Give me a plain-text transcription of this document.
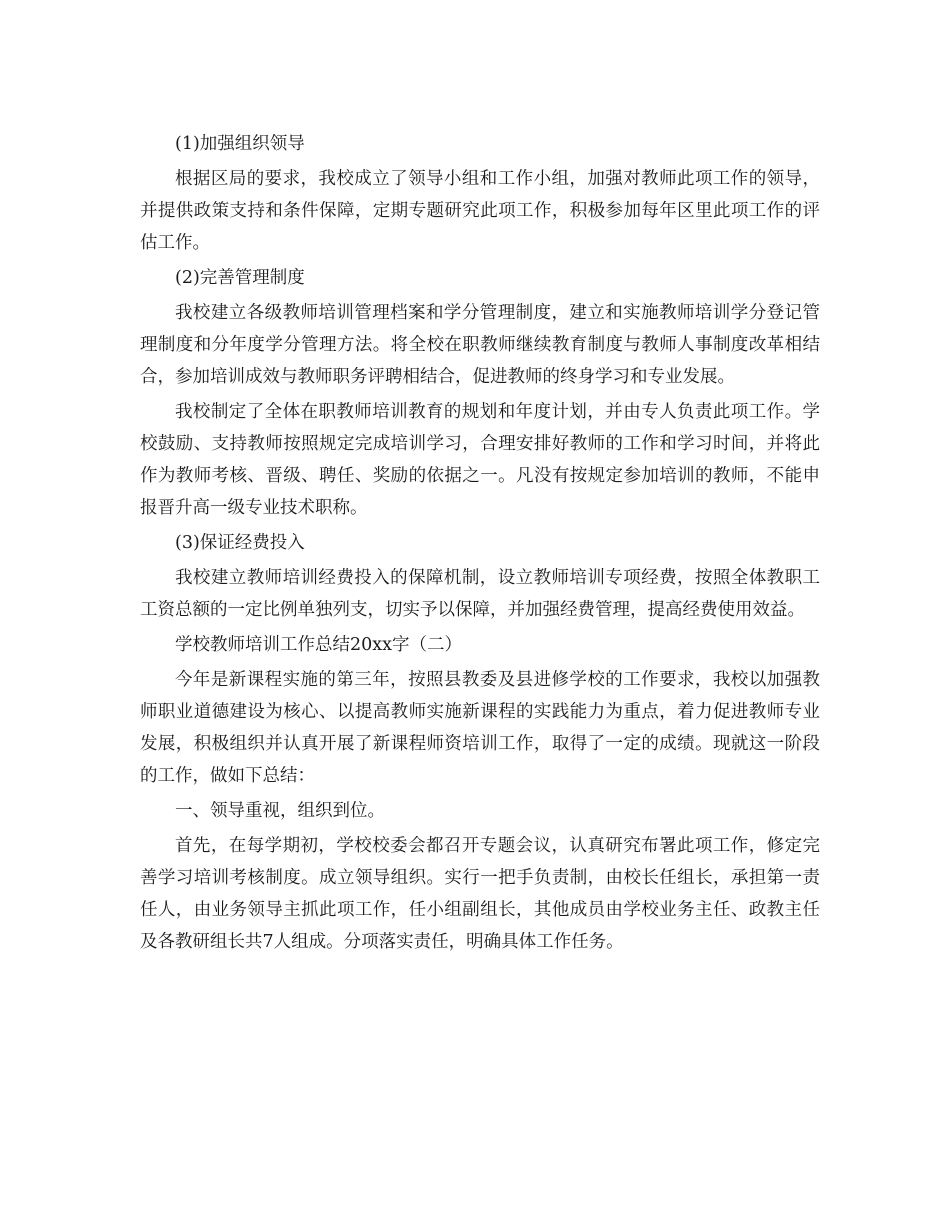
(1)加强组织领导

根据区局的要求，我校成立了领导小组和工作小组，加强对教师此项工作的领导，并提供政策支持和条件保障，定期专题研究此项工作，积极参加每年区里此项工作的评估工作。

(2)完善管理制度

我校建立各级教师培训管理档案和学分管理制度，建立和实施教师培训学分登记管理制度和分年度学分管理方法。将全校在职教师继续教育制度与教师人事制度改革相结合，参加培训成效与教师职务评聘相结合，促进教师的终身学习和专业发展。

我校制定了全体在职教师培训教育的规划和年度计划，并由专人负责此项工作。学校鼓励、支持教师按照规定完成培训学习，合理安排好教师的工作和学习时间，并将此作为教师考核、晋级、聘任、奖励的依据之一。凡没有按规定参加培训的教师，不能申报晋升高一级专业技术职称。

(3)保证经费投入

我校建立教师培训经费投入的保障机制，设立教师培训专项经费，按照全体教职工工资总额的一定比例单独列支，切实予以保障，并加强经费管理，提高经费使用效益。

学校教师培训工作总结20xx字（二）

今年是新课程实施的第三年，按照县教委及县进修学校的工作要求，我校以加强教师职业道德建设为核心、以提高教师实施新课程的实践能力为重点，着力促进教师专业发展，积极组织并认真开展了新课程师资培训工作，取得了一定的成绩。现就这一阶段的工作，做如下总结：

一、领导重视，组织到位。

首先，在每学期初，学校校委会都召开专题会议，认真研究布署此项工作，修定完善学习培训考核制度。成立领导组织。实行一把手负责制，由校长任组长，承担第一责任人，由业务领导主抓此项工作，任小组副组长，其他成员由学校业务主任、政教主任及各教研组长共7人组成。分项落实责任，明确具体工作任务。
